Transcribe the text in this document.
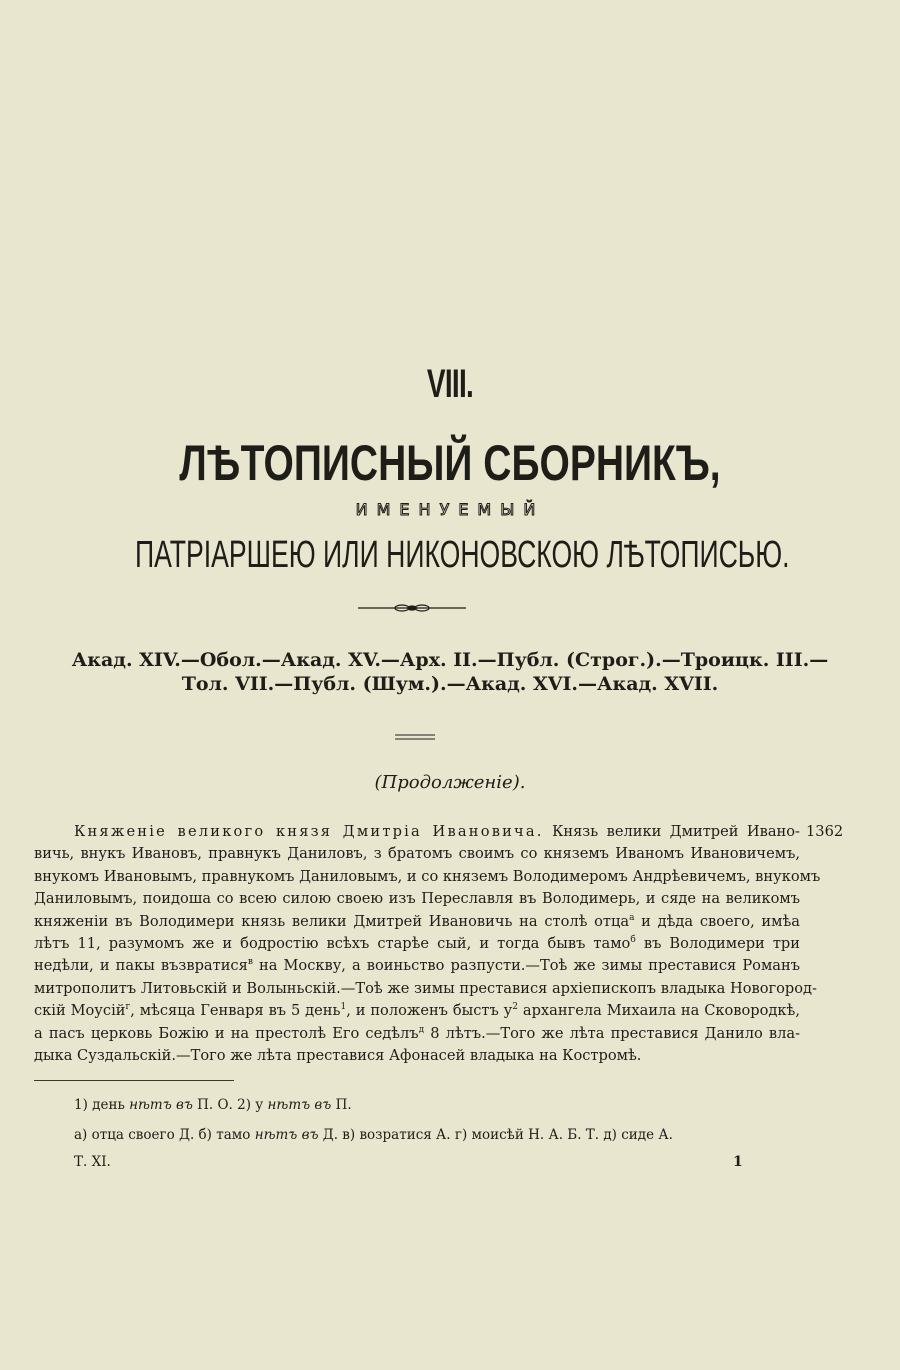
VIII.
ЛѢТОПИСНЫЙ СБОРНИКЪ,
ИМЕНУЕМЫЙ
ПАТРІАРШЕЮ ИЛИ НИКОНОВСКОЮ ЛѢТОПИСЬЮ.
Акад. XIV.—Обол.—Акад. XV.—Арх. II.—Публ. (Строг.).—Троицк. III.—
Тол. VII.—Публ. (Шум.).—Акад. XVI.—Акад. XVII.
(Продолженіе).
1362
Княженіе великого князя Дмитріа Ивановича. Князь велики Дмитрей Ивано-
вичь, внукъ Ивановъ, правнукъ Даниловъ, з братомъ своимъ со княземъ Иваномъ Ивановичемъ,
внукомъ Ивановымъ, правнукомъ Даниловымъ, и со княземъ Володимеромъ Андрѣевичемъ, внукомъ
Даниловымъ, поидоша со всею силою своею изъ Переславля въ Володимерь, и сяде на великомъ
княженіи въ Володимери князь велики Дмитрей Ивановичь на столѣ отца$^а$ и дѣда своего, имѣа
лѣтъ 11, разумомъ же и бодростію всѣхъ старѣе сый, и тогда бывъ тамо$^б$ въ Володимери три
недѣли, и пакы възвратися$^в$ на Москву, а воиньство разпусти.—Тоѣ же зимы преставися Романъ
митрополитъ Литовьскій и Волыньскій.—Тоѣ же зимы преставися архіепископъ владыка Новогород-
скій Моусій$^г$, мѣсяца Генваря въ 5 день$^1$, и положенъ быстъ $у^2$ архангела Михаила на Сковородкѣ,
а пасъ церковь Божію и на престолѣ Его седѣлъ$^д$ 8 лѣтъ.—Того же лѣта преставися Данило вла-
дыка Суздальскій.—Того же лѣта преставися Афонасей владыка на Костромѣ.
1) день нѣтъ въ П. О. 2) у нѣтъ въ П.
а) отца своего Д. б) тамо нѣтъ въ Д. в) возратися А. г) моисѣй Н. А. Б. Т. д) сиде А.
Т. XI.	1
